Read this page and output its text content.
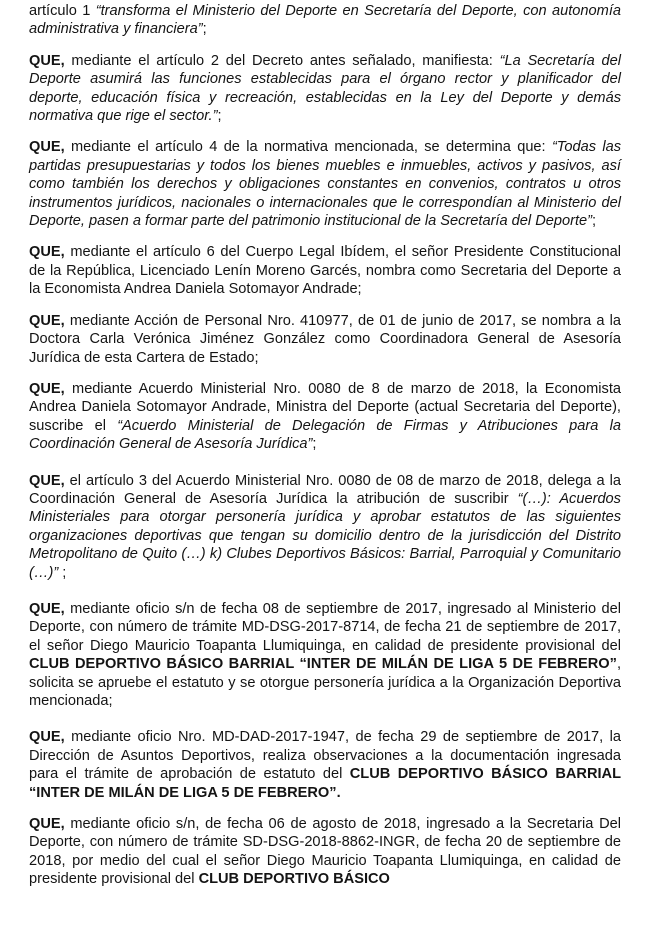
artículo 1 “transforma el Ministerio del Deporte en Secretaría del Deporte, con autonomía administrativa y financiera”;

QUE, mediante el artículo 2 del Decreto antes señalado, manifiesta: “La Secretaría del Deporte asumirá las funciones establecidas para el órgano rector y planificador del deporte, educación física y recreación, establecidas en la Ley del Deporte y demás normativa que rige el sector.”;

QUE, mediante el artículo 4 de la normativa mencionada, se determina que: “Todas las partidas presupuestarias y todos los bienes muebles e inmuebles, activos y pasivos, así como también los derechos y obligaciones constantes en convenios, contratos u otros instrumentos jurídicos, nacionales o internacionales que le correspondían al Ministerio del Deporte, pasen a formar parte del patrimonio institucional de la Secretaría del Deporte”;

QUE, mediante el artículo 6 del Cuerpo Legal Ibídem, el señor Presidente Constitucional de la República, Licenciado Lenín Moreno Garcés, nombra como Secretaria del Deporte a la Economista Andrea Daniela Sotomayor Andrade;

QUE, mediante Acción de Personal Nro. 410977, de 01 de junio de 2017, se nombra a la Doctora Carla Verónica Jiménez González como Coordinadora General de Asesoría Jurídica de esta Cartera de Estado;

QUE, mediante Acuerdo Ministerial Nro. 0080 de 8 de marzo de 2018, la Economista Andrea Daniela Sotomayor Andrade, Ministra del Deporte (actual Secretaria del Deporte), suscribe el “Acuerdo Ministerial de Delegación de Firmas y Atribuciones para la Coordinación General de Asesoría Jurídica”;

QUE, el artículo 3 del Acuerdo Ministerial Nro. 0080 de 08 de marzo de 2018, delega a la Coordinación General de Asesoría Jurídica la atribución de suscribir “(…): Acuerdos Ministeriales para otorgar personería jurídica y aprobar estatutos de las siguientes organizaciones deportivas que tengan su domicilio dentro de la jurisdicción del Distrito Metropolitano de Quito (…) k) Clubes Deportivos Básicos: Barrial, Parroquial y Comunitario (…)” ;

QUE, mediante oficio s/n de fecha 08 de septiembre de 2017, ingresado al Ministerio del Deporte, con número de trámite MD-DSG-2017-8714, de fecha 21 de septiembre de 2017, el señor Diego Mauricio Toapanta Llumiquinga, en calidad de presidente provisional del CLUB DEPORTIVO BÁSICO BARRIAL “INTER DE MILÁN DE LIGA 5 DE FEBRERO”, solicita se apruebe el estatuto y se otorgue personería jurídica a la Organización Deportiva mencionada;

QUE, mediante oficio Nro. MD-DAD-2017-1947, de fecha 29 de septiembre de 2017, la Dirección de Asuntos Deportivos, realiza observaciones a la documentación ingresada para el trámite de aprobación de estatuto del CLUB DEPORTIVO BÁSICO BARRIAL “INTER DE MILÁN DE LIGA 5 DE FEBRERO”.

QUE, mediante oficio s/n, de fecha 06 de agosto de 2018, ingresado a la Secretaria Del Deporte, con número de trámite SD-DSG-2018-8862-INGR, de fecha 20 de septiembre de 2018, por medio del cual el señor Diego Mauricio Toapanta Llumiquinga, en calidad de presidente provisional del CLUB DEPORTIVO BÁSICO
